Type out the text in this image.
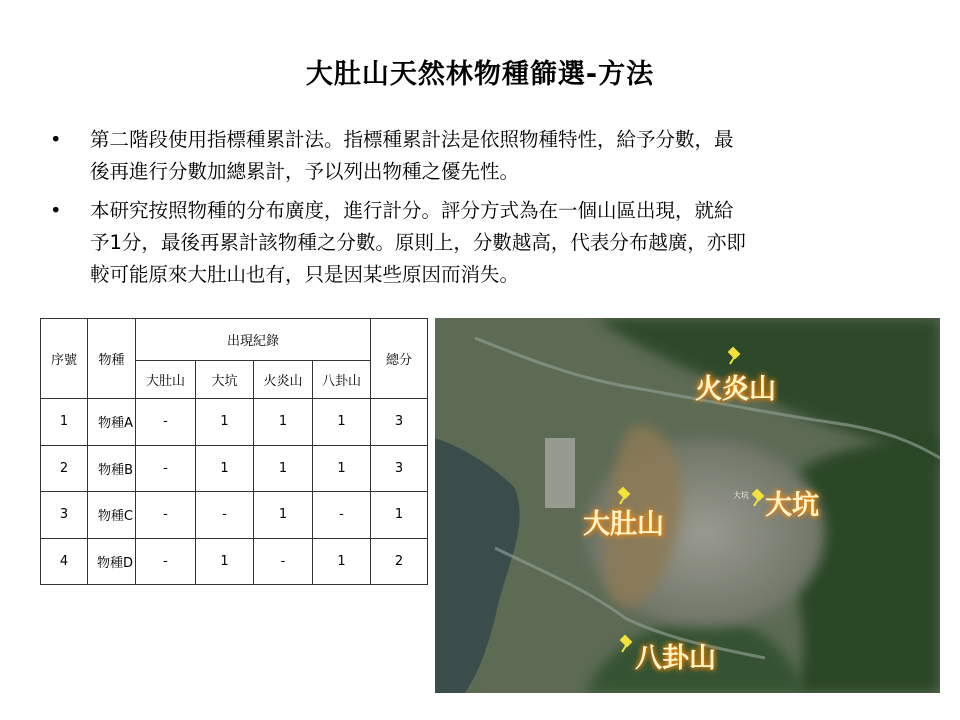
大肚山天然林物種篩選-方法
• 第二階段使用指標種累計法。指標種累計法是依照物種特性，給予分數，最
後再進行分數加總累計，予以列出物種之優先性。
• 本研究按照物種的分布廣度，進行計分。評分方式為在一個山區出現，就給
予1分，最後再累計該物種之分數。原則上，分數越高，代表分布越廣，亦即
較可能原來大肚山也有，只是因某些原因而消失。
序號	物種	出現紀錄				總分
		大肚山	大坑	火炎山	八卦山	
1	物種A	-	1	1	1	3
2	物種B	-	1	1	1	3
3	物種C	-	-	1	-	1
4	物種D	-	1	-	1	2
大坑
火炎山
大坑
大肚山
八卦山
